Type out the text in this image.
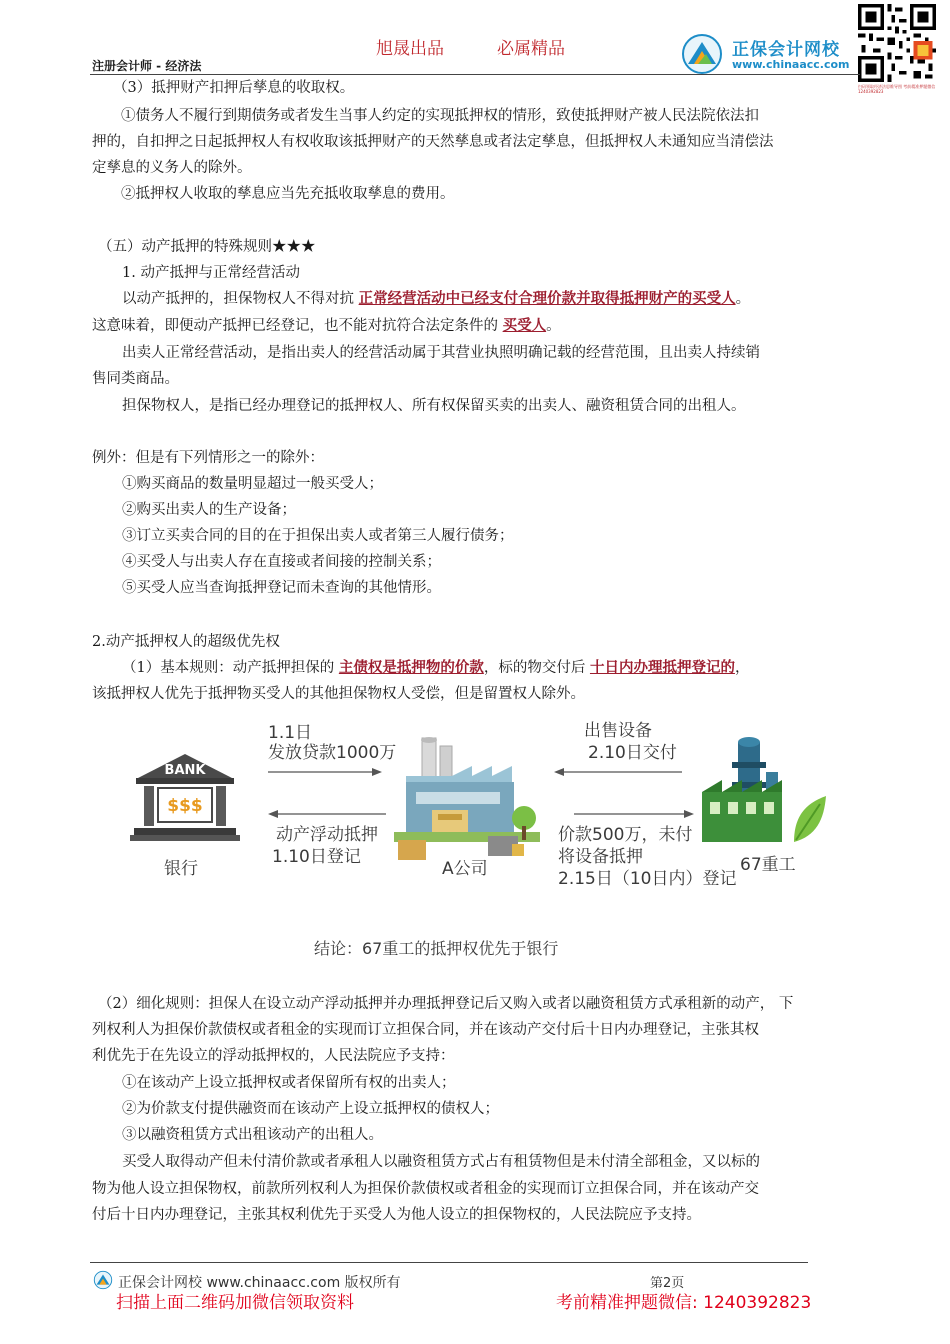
旭晟出品	必属精品
注册会计师 - 经济法
正保会计网校
www.chinaacc.com
扫码领取经济法思维导图 考前精准押题微信 1240392823
（3）抵押财产扣押后孳息的收取权。
①债务人不履行到期债务或者发生当事人约定的实现抵押权的情形，致使抵押财产被人民法院依法扣
押的，自扣押之日起抵押权人有权收取该抵押财产的天然孳息或者法定孳息，但抵押权人未通知应当清偿法
定孳息的义务人的除外。
②抵押权人收取的孳息应当先充抵收取孳息的费用。
（五）动产抵押的特殊规则★★★
1. 动产抵押与正常经营活动
以动产抵押的，担保物权人不得对抗 正常经营活动中已经支付合理价款并取得抵押财产的买受人。
这意味着，即便动产抵押已经登记，也不能对抗符合法定条件的 买受人。
出卖人正常经营活动，是指出卖人的经营活动属于其营业执照明确记载的经营范围，且出卖人持续销
售同类商品。
担保物权人，是指已经办理登记的抵押权人、所有权保留买卖的出卖人、融资租赁合同的出租人。
例外：但是有下列情形之一的除外：
①购买商品的数量明显超过一般买受人；
②购买出卖人的生产设备；
③订立买卖合同的目的在于担保出卖人或者第三人履行债务；
④买受人与出卖人存在直接或者间接的控制关系；
⑤买受人应当查询抵押登记而未查询的其他情形。
2.动产抵押权人的超级优先权
（1）基本规则：动产抵押担保的 主债权是抵押物的价款，标的物交付后 十日内办理抵押登记的，
该抵押权人优先于抵押物买受人的其他担保物权人受偿，但是留置权人除外。
BANK
$$$
1.1日
发放贷款1000万
动产浮动抵押
1.10日登记
出售设备
2.10日交付
价款500万，未付
将设备抵押
2.15日（10日内）登记
银行	A公司	67重工
结论：67重工的抵押权优先于银行
（2）细化规则：担保人在设立动产浮动抵押并办理抵押登记后又购入或者以融资租赁方式承租新的动产， 下
列权利人为担保价款债权或者租金的实现而订立担保合同，并在该动产交付后十日内办理登记，主张其权
利优先于在先设立的浮动抵押权的，人民法院应予支持：
①在该动产上设立抵押权或者保留所有权的出卖人；
②为价款支付提供融资而在该动产上设立抵押权的债权人；
③以融资租赁方式出租该动产的出租人。
买受人取得动产但未付清价款或者承租人以融资租赁方式占有租赁物但是未付清全部租金，又以标的
物为他人设立担保物权，前款所列权利人为担保价款债权或者租金的实现而订立担保合同，并在该动产交
付后十日内办理登记，主张其权利优先于买受人为他人设立的担保物权的，人民法院应予支持。
正保会计网校 www.chinaacc.com 版权所有	第2页
扫描上面二维码加微信领取资料	考前精准押题微信: 1240392823
